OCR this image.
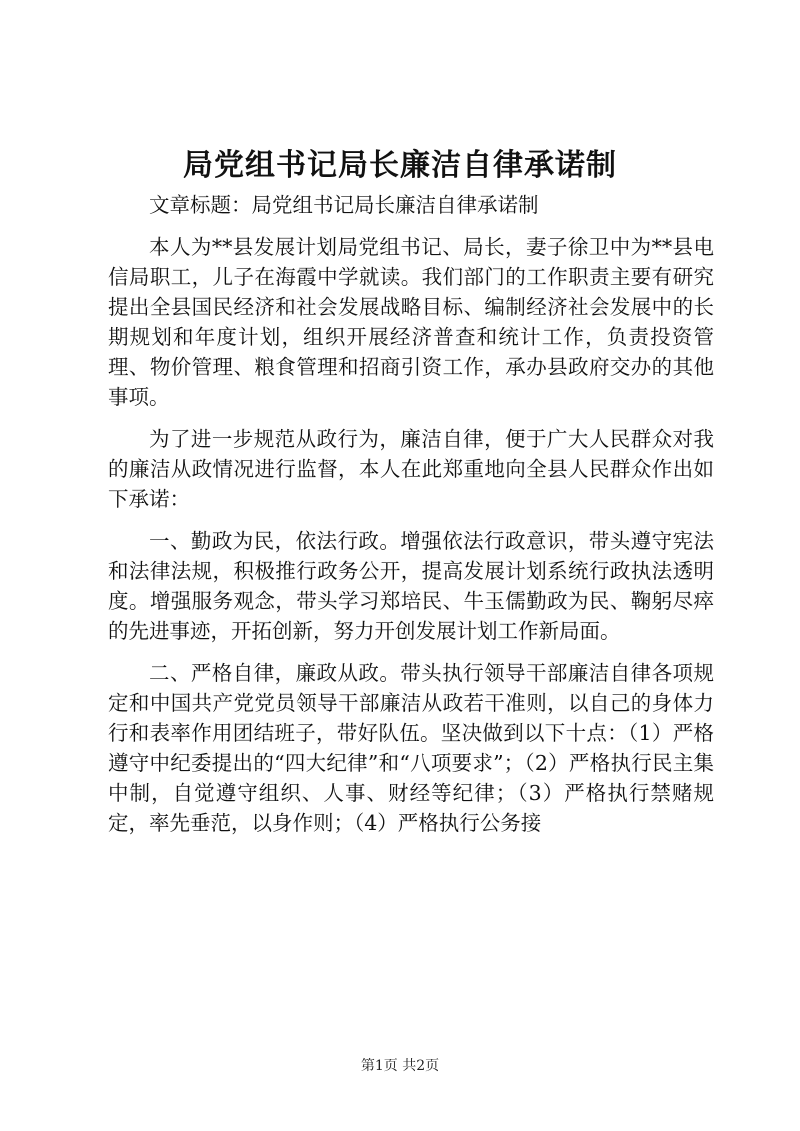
局党组书记局长廉洁自律承诺制

文章标题：局党组书记局长廉洁自律承诺制

本人为**县发展计划局党组书记、局长，妻子徐卫中为**县电信局职工，儿子在海霞中学就读。我们部门的工作职责主要有研究提出全县国民经济和社会发展战略目标、编制经济社会发展中的长期规划和年度计划，组织开展经济普查和统计工作，负责投资管理、物价管理、粮食管理和招商引资工作，承办县政府交办的其他事项。

为了进一步规范从政行为，廉洁自律，便于广大人民群众对我的廉洁从政情况进行监督，本人在此郑重地向全县人民群众作出如下承诺：

一、勤政为民，依法行政。增强依法行政意识，带头遵守宪法和法律法规，积极推行政务公开，提高发展计划系统行政执法透明度。增强服务观念，带头学习郑培民、牛玉儒勤政为民、鞠躬尽瘁的先进事迹，开拓创新，努力开创发展计划工作新局面。

二、严格自律，廉政从政。带头执行领导干部廉洁自律各项规定和中国共产党党员领导干部廉洁从政若干准则，以自己的身体力行和表率作用团结班子，带好队伍。坚决做到以下十点：（1）严格遵守中纪委提出的“四大纪律”和“八项要求”；（2）严格执行民主集中制，自觉遵守组织、人事、财经等纪律；（3）严格执行禁赌规定，率先垂范，以身作则；（4）严格执行公务接

第1页 共2页
